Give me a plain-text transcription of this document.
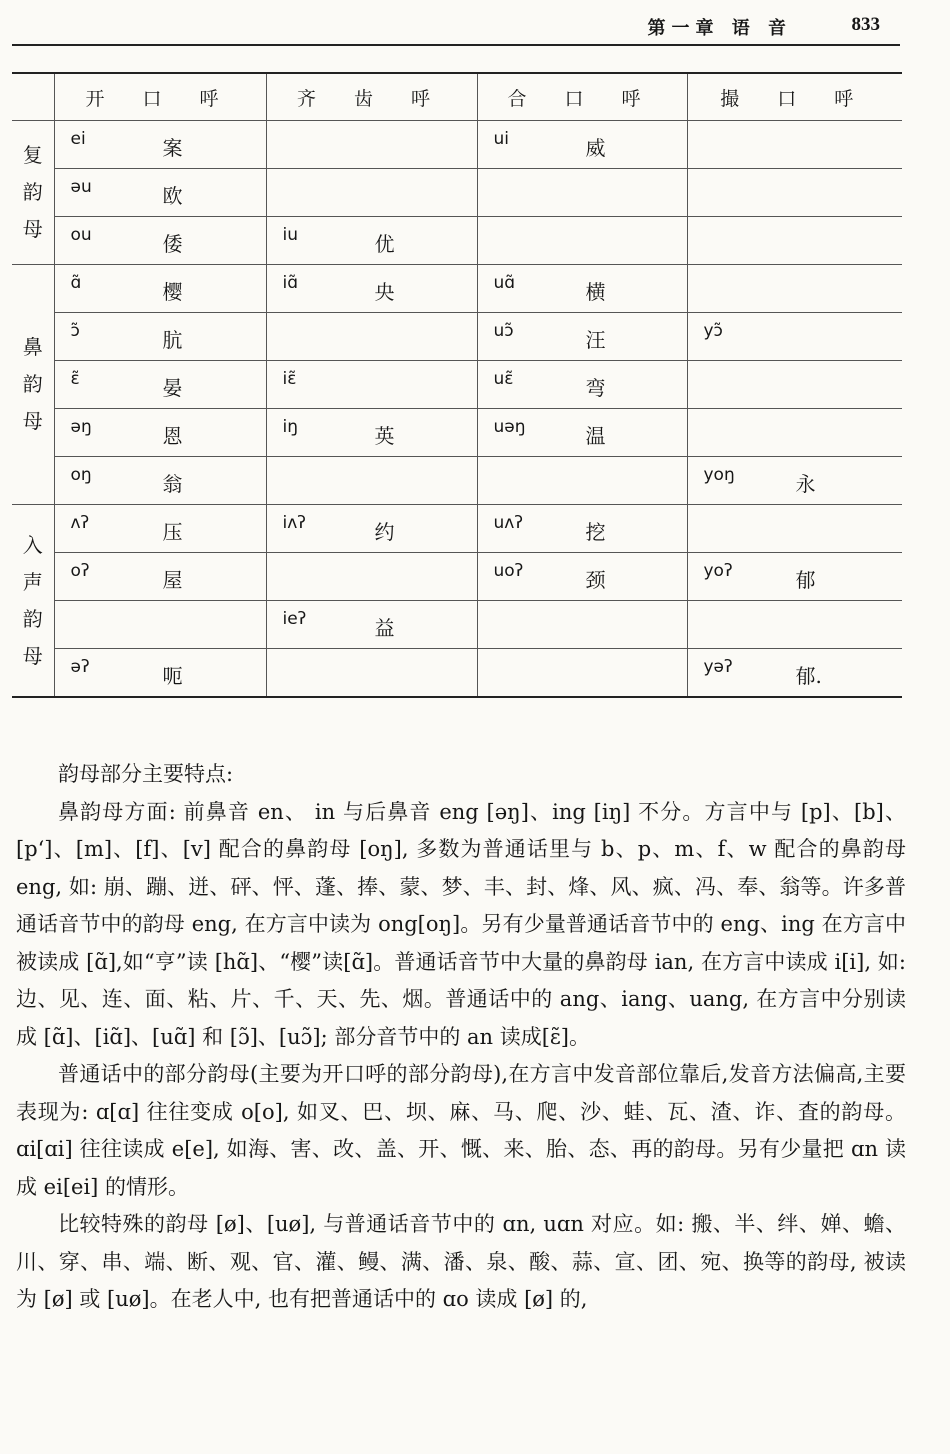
第一章 语 音	833
	开 口 呼	齐 齿 呼	合 口 呼	撮 口 呼

复
韵
母	ei 案		ui 威	

	əu 欧			

	ou 倭	iu 优		

鼻
韵
母	ɑ̃ 樱	iɑ̃ 央	uɑ̃ 横	

	ɔ̃ 肮		uɔ̃ 汪	yɔ̃

	ɛ̃ 晏	iɛ̃	uɛ̃ 弯	

	əŋ 恩	iŋ 英	uəŋ 温	

	oŋ 翁			yoŋ 永

入
声
韵
母	ʌʔ 压	iʌʔ 约	uʌʔ 挖	

	oʔ 屋		uoʔ 颈	yoʔ 郁

		ieʔ 益		

	əʔ 呃			yəʔ 郁.

韵母部分主要特点:

鼻韵母方面: 前鼻音 en、 in 与后鼻音 eng [əŋ]、ing [iŋ] 不分。方言中与 [p]、[b]、[p‘]、[m]、[f]、[v] 配合的鼻韵母 [oŋ], 多数为普通话里与 b、p、m、f、w 配合的鼻韵母 eng, 如: 崩、蹦、迸、砰、怦、蓬、捧、蒙、梦、丰、封、烽、风、疯、冯、奉、翁等。许多普通话音节中的韵母 eng, 在方言中读为 ong[oŋ]。另有少量普通话音节中的 eng、ing 在方言中被读成 [ɑ̃],如“亨”读 [hɑ̃]、“樱”读[ɑ̃]。普通话音节中大量的鼻韵母 ian, 在方言中读成 i[i], 如: 边、见、连、面、粘、片、千、天、先、烟。普通话中的 ang、iang、uang, 在方言中分别读成 [ɑ̃]、[iɑ̃]、[uɑ̃] 和 [ɔ̃]、[uɔ̃]; 部分音节中的 an 读成[ɛ̃]。

普通话中的部分韵母(主要为开口呼的部分韵母),在方言中发音部位靠后,发音方法偏高,主要表现为: ɑ[ɑ] 往往变成 o[o], 如叉、巴、坝、麻、马、爬、沙、蛙、瓦、渣、诈、査的韵母。ɑi[ɑi] 往往读成 e[e], 如海、害、改、盖、开、慨、来、胎、态、再的韵母。另有少量把 ɑn 读成 ei[ei] 的情形。

比较特殊的韵母 [ø]、[uø], 与普通话音节中的 ɑn, uɑn 对应。如: 搬、半、绊、婵、蟾、川、穿、串、端、断、观、官、灌、鳗、满、潘、泉、酸、蒜、宣、团、宛、换等的韵母, 被读为 [ø] 或 [uø]。在老人中, 也有把普通话中的 ɑo 读成 [ø] 的,
